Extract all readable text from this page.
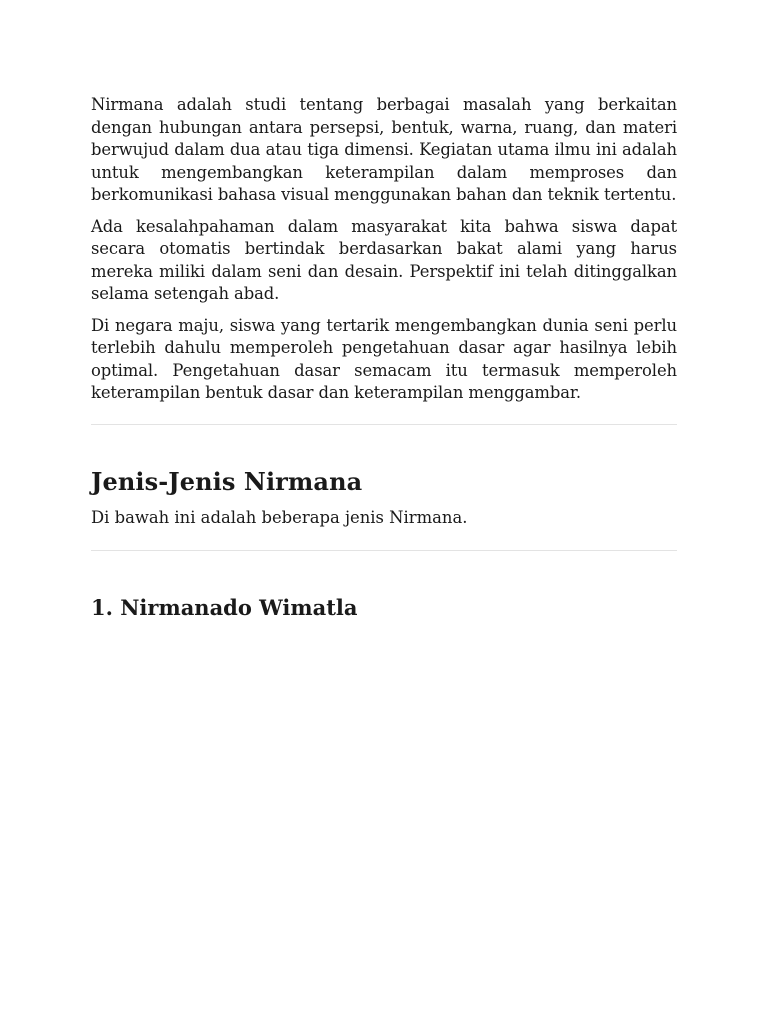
Nirmana adalah studi tentang berbagai masalah yang berkaitan dengan hubungan antara persepsi, bentuk, warna, ruang, dan materi berwujud dalam dua atau tiga dimensi. Kegiatan utama ilmu ini adalah untuk mengembangkan keterampilan dalam memproses dan berkomunikasi bahasa visual menggunakan bahan dan teknik tertentu.

Ada kesalahpahaman dalam masyarakat kita bahwa siswa dapat secara otomatis bertindak berdasarkan bakat alami yang harus mereka miliki dalam seni dan desain. Perspektif ini telah ditinggalkan selama setengah abad.

Di negara maju, siswa yang tertarik mengembangkan dunia seni perlu terlebih dahulu memperoleh pengetahuan dasar agar hasilnya lebih optimal. Pengetahuan dasar semacam itu termasuk memperoleh keterampilan bentuk dasar dan keterampilan menggambar.

Jenis-Jenis Nirmana

Di bawah ini adalah beberapa jenis Nirmana.

1. Nirmanado Wimatla
